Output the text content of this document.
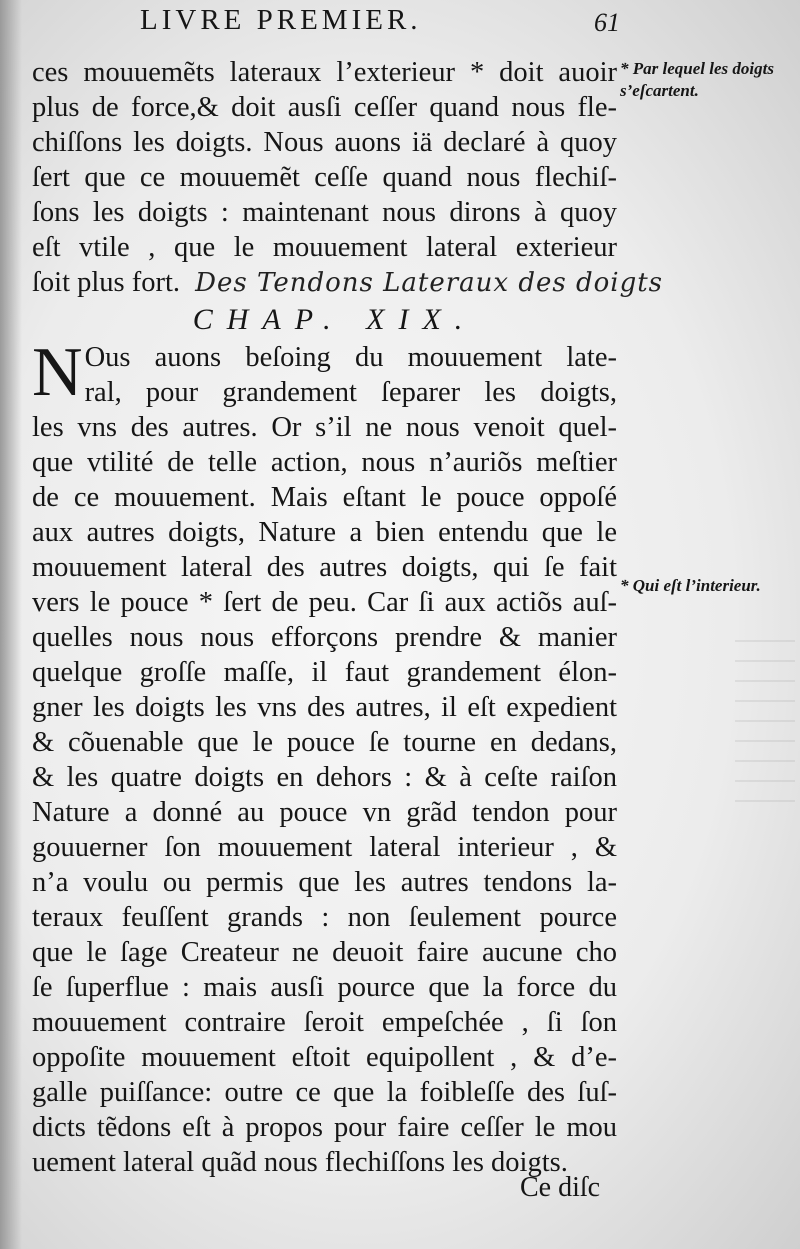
LIVRE PREMIER.	61
ces mouuemẽts lateraux l’exterieur * doit auoir
plus de force,& doit ausſi ceſſer quand nous fle-
chiſſons les doigts. Nous auons iä declaré à quoy
ſert que ce mouuemẽt ceſſe quand nous flechiſ-
ſons les doigts : maintenant nous dirons à quoy
eſt vtile , que le mouuement lateral exterieur
ſoit plus fort. Des Tendons Lateraux des doigts
CHAP. XIX.
N Ous auons beſoing du mouuement late-
ral, pour grandement ſeparer les doigts,
les vns des autres. Or s’il ne nous venoit quel-
que vtilité de telle action, nous n’auriõs meſtier
de ce mouuement. Mais eſtant le pouce oppoſé
aux autres doigts, Nature a bien entendu que le
mouuement lateral des autres doigts, qui ſe fait
vers le pouce * ſert de peu. Car ſi aux actiõs auſ-
quelles nous nous efforçons prendre & manier
quelque groſſe maſſe, il faut grandement élon-
gner les doigts les vns des autres, il eſt expedient
& cõuenable que le pouce ſe tourne en dedans,
& les quatre doigts en dehors : & à ceſte raiſon
Nature a donné au pouce vn grãd tendon pour
gouuerner ſon mouuement lateral interieur , &
n’a voulu ou permis que les autres tendons la-
teraux feuſſent grands : non ſeulement pource
que le ſage Createur ne deuoit faire aucune cho
ſe ſuperflue : mais ausſi pource que la force du
mouuement contraire ſeroit empeſchée , ſi ſon
oppoſite mouuement eſtoit equipollent , & d’e-
galle puiſſance: outre ce que la foibleſſe des ſuſ-
dicts tẽdons eſt à propos pour faire ceſſer le mou
uement lateral quãd nous flechiſſons les doigts.
* Par lequel les doigts s’eſcartent.
* Qui eſt l’interieur.
Ce diſc
